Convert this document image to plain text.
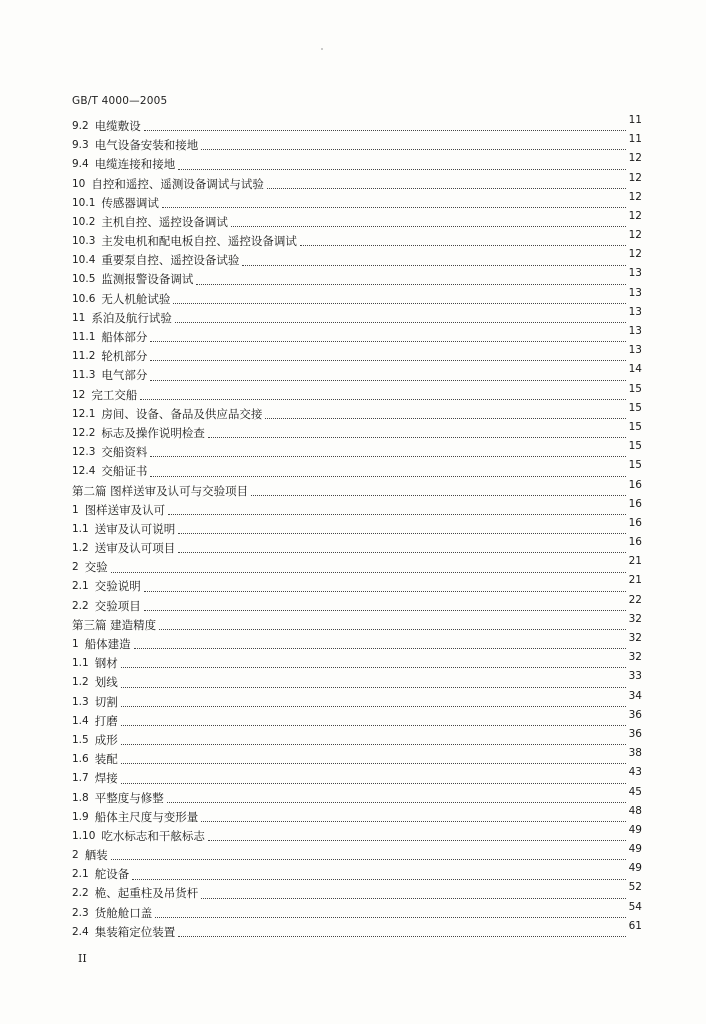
GB/T 4000—2005
9.2 电缆敷设	11
9.3 电气设备安装和接地	11
9.4 电缆连接和接地	12
10 自控和遥控、遥测设备调试与试验	12
10.1 传感器调试	12
10.2 主机自控、遥控设备调试	12
10.3 主发电机和配电板自控、遥控设备调试	12
10.4 重要泵自控、遥控设备试验	12
10.5 监测报警设备调试	13
10.6 无人机舱试验	13
11 系泊及航行试验	13
11.1 船体部分	13
11.2 轮机部分	13
11.3 电气部分	14
12 完工交船	15
12.1 房间、设备、备品及供应品交接	15
12.2 标志及操作说明检查	15
12.3 交船资料	15
12.4 交船证书	15
第二篇 图样送审及认可与交验项目	16
1 图样送审及认可	16
1.1 送审及认可说明	16
1.2 送审及认可项目	16
2 交验	21
2.1 交验说明	21
2.2 交验项目	22
第三篇 建造精度	32
1 船体建造	32
1.1 钢材	32
1.2 划线	33
1.3 切割	34
1.4 打磨	36
1.5 成形	36
1.6 装配	38
1.7 焊接	43
1.8 平整度与修整	45
1.9 船体主尺度与变形量	48
1.10 吃水标志和干舷标志	49
2 舾装	49
2.1 舵设备	49
2.2 桅、起重柱及吊货杆	52
2.3 货舱舱口盖	54
2.4 集装箱定位装置	61
II
